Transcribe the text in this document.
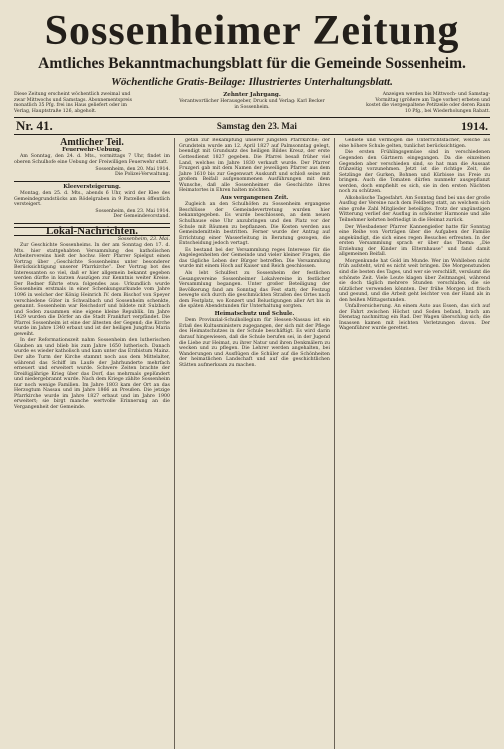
Sossenheimer Zeitung
Amtliches Bekanntmachungsblatt für die Gemeinde Sossenheim.
Wöchentliche Gratis-Beilage: Illustriertes Unterhaltungsblatt.
Diese Zeitung erscheint wöchentlich zweimal und zwar Mittwochs und Samstags. Abonnementspreis monatlich 35 Pfg. frei ins Haus geliefert oder im Verlag, Hauptstraße 126, abgeholt.
Zehnter Jahrgang.
Verantwortlicher Herausgeber, Druck und Verlag: Karl Becker in Sossenheim.
Anzeigen werden bis Mittwoch- und Samstag-Vormittag (größere am Tage vorher) erbeten und kostet die viergespaltene Petitzeile oder deren Raum 10 Pfg., bei Wiederholungen Rabatt.
Nr. 41.	Samstag den 23. Mai	1914.
Amtlicher Teil.
Feuerwehr-Uebung.

Am Sonntag, den 24. d. Mts., vormittags 7 Uhr, findet im oberen Schulhofe eine Uebung der Freiwilligen Feuerwehr statt.

Sossenheim, den 20. Mai 1914.
Die Polizei-Verwaltung.
Kleeversteigerung.

Montag, den 25. d. Mts., abends 6 Uhr, wird der Klee des Gemeindegrundstücks am Rödelgraben in 9 Parzellen öffentlich versteigert.

Sossenheim, den 23. Mai 1914.
Der Gemeindevorstand.
Lokal-Nachrichten.
Sossenheim, 23. Mai.

Zur Geschichte Sossenheims. In der am Sonntag den 17. d. Mts. hier stattgehabten Versammlung des katholischen Arbeitervereins hielt der hochw. Herr Pfarrer Spielgut einen Vortrag über „Geschichte Sossenheims unter besonderer Berücksichtigung unserer Pfarrkirche“. Der Vortrag bot des Interessanten so viel, daß er hier allgemein bekannt gegeben werden dürfte in kurzen Auszügen zur Kenntnis weiter Kreise. Der Redner führte etwa folgendes aus: Urkundlich wurde Sossenheim erstmals in einer Schenkungsurkunde vom Jahre 1096 in welcher der König Heinrich IV. dem Bischof von Speyer verschiedene Güter in Schwalbach und Sossenheim schenkte, genannt. Sossenheim war Reichsdorf und bildete mit Sulzbach und Soden zusammen eine eigene kleine Republik. Im Jahre 1429 wurden die Dörfer an die Stadt Frankfurt verpfändet. Die Pfarrei Sossenheim ist eine der ältesten der Gegend; die Kirche wurde im Jahre 1340 erbaut und ist der heiligen Jungfrau Maria geweiht.

In der Reformationszeit nahm Sossenheim den lutherischen Glauben an und blieb bis zum Jahre 1650 lutherisch. Danach wurde es wieder katholisch und kam unter das Erzbistum Mainz. Der alte Turm der Kirche stammt noch aus dem Mittelalter, während das Schiff im Laufe der Jahrhunderte mehrfach erneuert und erweitert wurde. Schwere Zeiten brachte der Dreißigjährige Krieg über das Dorf, das mehrmals geplündert und niedergebrannt wurde. Nach dem Kriege zählte Sossenheim nur noch wenige Familien. Im Jahre 1803 kam der Ort an das Herzogtum Nassau und im Jahre 1866 an Preußen. Die jetzige Pfarrkirche wurde im Jahre 1827 erbaut und im Jahre 1900 erweitert; sie birgt manche wertvolle Erinnerung an die Vergangenheit der Gemeinde.

getan zur Bekämpfung unserer jüngsten Pfarrkirche; der Grundstein wurde am 12. April 1827 auf Palmsonntag gelegt, beendigt mit Grundsatz des heiligen Bildes Kreuz, der erste Gottesdienst 1827 gegeben. Die Pfarrei besaß früher viel Land, welches im Jahre 1830 verkauft wurde. Der Pfarrer Fruzgeri gab mit dem Namen der jeweiligen Pfarrer aus dem Jahre 1610 bis zur Gegenwart Auskunft und schloß seine mit großem Beifall aufgenommenen Ausführungen mit dem Wunsche, daß alle Sossenheimer die Geschichte ihres Heimatortes in Ehren halten möchten.

Aus vergangenen Zeit.

Zugleich an den Schulhöfen zu Sossenheim ergangene Beschlüsse der Gemeindevertretung wurden hier bekanntgegeben. Es wurde beschlossen, an dem neuen Schulhause eine Uhr anzubringen und den Platz vor der Schule mit Bäumen zu bepflanzen. Die Kosten werden aus Gemeindemitteln bestritten. Ferner wurde der Antrag auf Errichtung einer Wasserleitung in Beratung gezogen, die Entscheidung jedoch vertagt.

Es bestand bei der Versammlung reges Interesse für die Angelegenheiten der Gemeinde und vieler kleiner Fragen, die das tägliche Leben der Bürger betreffen. Die Versammlung wurde mit einem Hoch auf Kaiser und Reich geschlossen.

Als lebt Schulfest zu Sossenheim der festlichen Gesangsvereine Sossenheimer Lokalvereine in festlicher Versammlung begangen. Unter großer Beteiligung der Bevölkerung fand am Sonntag das Fest statt; der Festzug bewegte sich durch die geschmückten Straßen des Ortes nach dem Festplatz, wo Konzert und Belustigungen aller Art bis in die späten Abendstunden für Unterhaltung sorgten.

Heimatschutz und Schule.

Dem Provinzial-Schulkollegium für Hessen-Nassau ist ein Erlaß des Kultusministers zugegangen, der sich mit der Pflege des Heimatschutzes in der Schule beschäftigt. Es wird darin darauf hingewiesen, daß die Schule berufen sei, in der Jugend die Liebe zur Heimat, zu ihrer Natur und ihren Denkmälern zu wecken und zu pflegen. Die Lehrer werden angehalten, bei Wanderungen und Ausflügen die Schüler auf die Schönheiten der heimatlichen Landschaft und auf die geschichtlichen Stätten aufmerksam zu machen.

Gebiete und vermögen die Unterrichtsfächer, welche als eine höhere Schule gelten, tunlichst berücksichtigen.

Die ersten Frühlingsgemüse sind in verschiedenen Gegenden den Gärtnern eingegangen. Da die einzelnen Gegenden aber verschieden sind, so hat man die Aussaat frühzeitig vorzunehmen. Jetzt ist die richtige Zeit, die Setzlinge der Gurken, Bohnen und Kürbisse ins Freie zu bringen. Auch die Tomaten dürfen nunmehr ausgepflanzt werden, doch empfiehlt es sich, sie in den ersten Nächten noch zu schützen.

Alkoholische Tagesfahrt. Am Sonntag fand bei uns der große Ausflug der Vereine nach dem Feldberg statt, an welchem sich eine große Zahl Mitglieder beteiligte. Trotz der ungünstigen Witterung verlief der Ausflug in schönster Harmonie und alle Teilnehmer kehrten befriedigt in die Heimat zurück.

Der Wiesbadener Pfarrer Kannengießer hatte für Sonntag eine Reihe von Vorträgen über die Aufgaben der Familie angekündigt, die sich eines regen Besuches erfreuten. In der ersten Versammlung sprach er über das Thema: „Die Erziehung der Kinder im Elternhause“ und fand damit allgemeinen Beifall.

Morgenkunde hat Gold im Munde. Wer im Wohlleben nicht früh aufsteht, wird es nicht weit bringen. Die Morgenstunden sind die besten des Tages, und wer sie verschläft, versäumt die schönste Zeit. Viele Leute klagen über Zeitmangel, während sie doch täglich mehrere Stunden verschlafen, die sie nützlicher verwenden könnten. Der frühe Morgen ist frisch und gesund, und die Arbeit geht leichter von der Hand als in den heißen Mittagsstunden.

Unfallversicherung. An einem Auto aus Essen, das sich auf der Fahrt zwischen Höchst und Soden befand, brach am Dienstag nachmittag ein Rad. Der Wagen überschlug sich; die Insassen kamen mit leichten Verletzungen davon. Der Wagenführer wurde gerettet.
